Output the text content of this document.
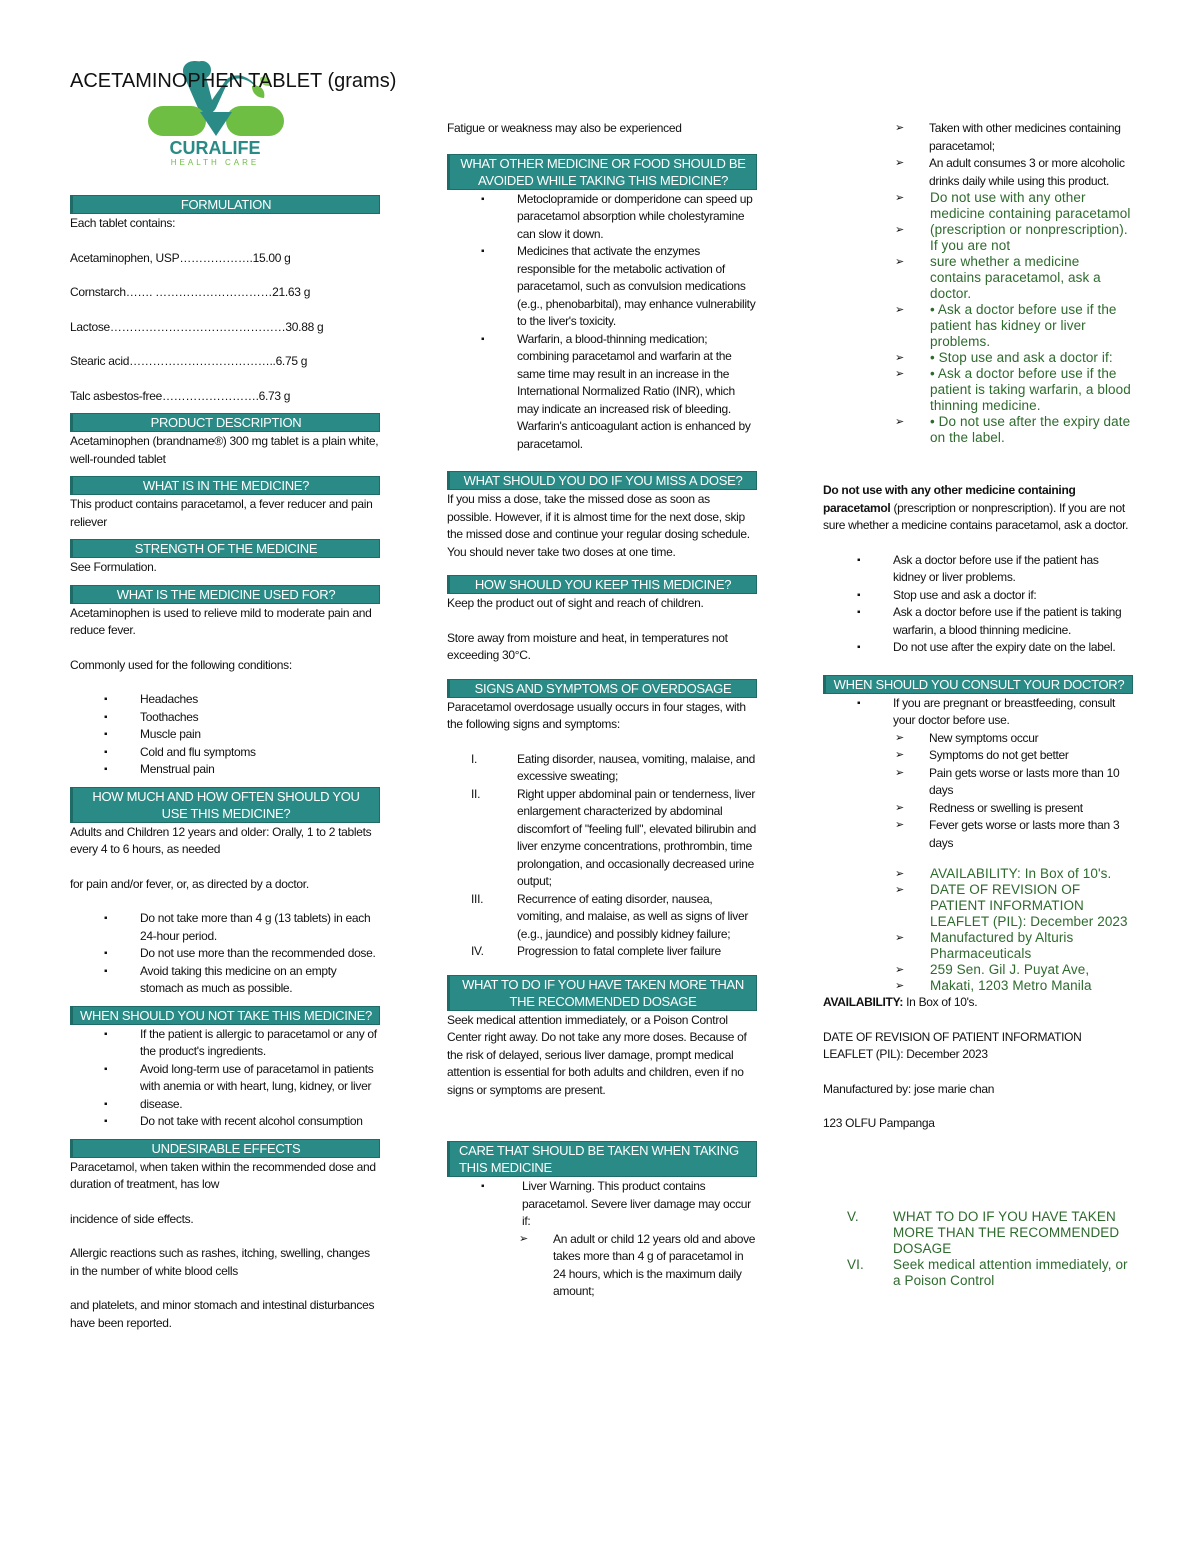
CURALIFE
HEALTH CARE
ACETAMINOPHEN TABLET (grams)
FORMULATION

Each tablet contains:

Acetaminophen, USP……………….15.00 g

Cornstarch……. …………………………21.63 g

Lactose………………………………………30.88 g

Stearic acid………………………………..6.75 g

Talc asbestos-free…………………….6.73 g

PRODUCT DESCRIPTION

Acetaminophen (brandname®) 300 mg tablet is a plain white, well-rounded tablet

WHAT IS IN THE MEDICINE?

This product contains paracetamol, a fever reducer and pain reliever

STRENGTH OF THE MEDICINE

See Formulation.

WHAT IS THE MEDICINE USED FOR?

Acetaminophen is used to relieve mild to moderate pain and reduce fever.

Commonly used for the following conditions:

▪ Headaches
▪ Toothaches
▪ Muscle pain
▪ Cold and flu symptoms
▪ Menstrual pain
HOW MUCH AND HOW OFTEN SHOULD YOU USE THIS MEDICINE?

Adults and Children 12 years and older: Orally, 1 to 2 tablets every 4 to 6 hours, as needed

for pain and/or fever, or, as directed by a doctor.

▪ Do not take more than 4 g (13 tablets) in each 24-hour period.
▪ Do not use more than the recommended dose.
▪ Avoid taking this medicine on an empty stomach as much as possible.
WHEN SHOULD YOU NOT TAKE THIS MEDICINE?
▪ If the patient is allergic to paracetamol or any of the product's ingredients.
▪ Avoid long-term use of paracetamol in patients with anemia or with heart, lung, kidney, or liver
▪ disease.
▪ Do not take with recent alcohol consumption
UNDESIRABLE EFFECTS

Paracetamol, when taken within the recommended dose and duration of treatment, has low

incidence of side effects.

Allergic reactions such as rashes, itching, swelling, changes in the number of white blood cells

and platelets, and minor stomach and intestinal disturbances have been reported.

Fatigue or weakness may also be experienced

WHAT OTHER MEDICINE OR FOOD SHOULD BE AVOIDED WHILE TAKING THIS MEDICINE?
▪ Metoclopramide or domperidone can speed up paracetamol absorption while cholestyramine can slow it down.
▪ Medicines that activate the enzymes responsible for the metabolic activation of paracetamol, such as convulsion medications (e.g., phenobarbital), may enhance vulnerability to the liver's toxicity.
▪ Warfarin, a blood-thinning medication; combining paracetamol and warfarin at the same time may result in an increase in the International Normalized Ratio (INR), which may indicate an increased risk of bleeding. Warfarin's anticoagulant action is enhanced by paracetamol.
WHAT SHOULD YOU DO IF YOU MISS A DOSE?

If you miss a dose, take the missed dose as soon as possible. However, if it is almost time for the next dose, skip the missed dose and continue your regular dosing schedule. You should never take two doses at one time.

HOW SHOULD YOU KEEP THIS MEDICINE?

Keep the product out of sight and reach of children.

Store away from moisture and heat, in temperatures not exceeding 30°C.

SIGNS AND SYMPTOMS OF OVERDOSAGE

Paracetamol overdosage usually occurs in four stages, with the following signs and symptoms:

I.	Eating disorder, nausea, vomiting, malaise, and excessive sweating;
II.	Right upper abdominal pain or tenderness, liver enlargement characterized by abdominal discomfort of "feeling full", elevated bilirubin and liver enzyme concentrations, prothrombin, time prolongation, and occasionally decreased urine output;
III.	Recurrence of eating disorder, nausea, vomiting, and malaise, as well as signs of liver (e.g., jaundice) and possibly kidney failure;
IV.	Progression to fatal complete liver failure
WHAT TO DO IF YOU HAVE TAKEN MORE THAN THE RECOMMENDED DOSAGE

Seek medical attention immediately, or a Poison Control Center right away. Do not take any more doses. Because of the risk of delayed, serious liver damage, prompt medical attention is essential for both adults and children, even if no signs or symptoms are present.

CARE THAT SHOULD BE TAKEN WHEN TAKING THIS MEDICINE
▪ Liver Warning. This product contains paracetamol. Severe liver damage may occur if:
➢ An adult or child 12 years old and above takes more than 4 g of paracetamol in 24 hours, which is the maximum daily amount;
➢ Taken with other medicines containing paracetamol;
➢ An adult consumes 3 or more alcoholic drinks daily while using this product.
➢ Do not use with any other medicine containing paracetamol
➢ (prescription or nonprescription). If you are not
➢ sure whether a medicine contains paracetamol, ask a doctor.
➢ • Ask a doctor before use if the patient has kidney or liver problems.
➢ • Stop use and ask a doctor if:
➢ • Ask a doctor before use if the patient is taking warfarin, a blood thinning medicine.
➢ • Do not use after the expiry date on the label.

Do not use with any other medicine containing paracetamol (prescription or nonprescription). If you are not sure whether a medicine contains paracetamol, ask a doctor.

▪ Ask a doctor before use if the patient has kidney or liver problems.
▪ Stop use and ask a doctor if:
▪ Ask a doctor before use if the patient is taking warfarin, a blood thinning medicine.
▪ Do not use after the expiry date on the label.
WHEN SHOULD YOU CONSULT YOUR DOCTOR?
▪ If you are pregnant or breastfeeding, consult your doctor before use.
➢ New symptoms occur
➢ Symptoms do not get better
➢ Pain gets worse or lasts more than 10 days
➢ Redness or swelling is present
➢ Fever gets worse or lasts more than 3 days
➢ AVAILABILITY: In Box of 10's.
➢ DATE OF REVISION OF PATIENT INFORMATION LEAFLET (PIL): December 2023
➢ Manufactured by Alturis Pharmaceuticals
➢ 259 Sen. Gil J. Puyat Ave,
➢ Makati, 1203 Metro Manila

AVAILABILITY: In Box of 10's.

DATE OF REVISION OF PATIENT INFORMATION LEAFLET (PIL): December 2023

Manufactured by: jose marie chan

123 OLFU Pampanga

V.	WHAT TO DO IF YOU HAVE TAKEN MORE THAN THE RECOMMENDED DOSAGE
VI. Seek medical attention immediately, or a Poison Control
